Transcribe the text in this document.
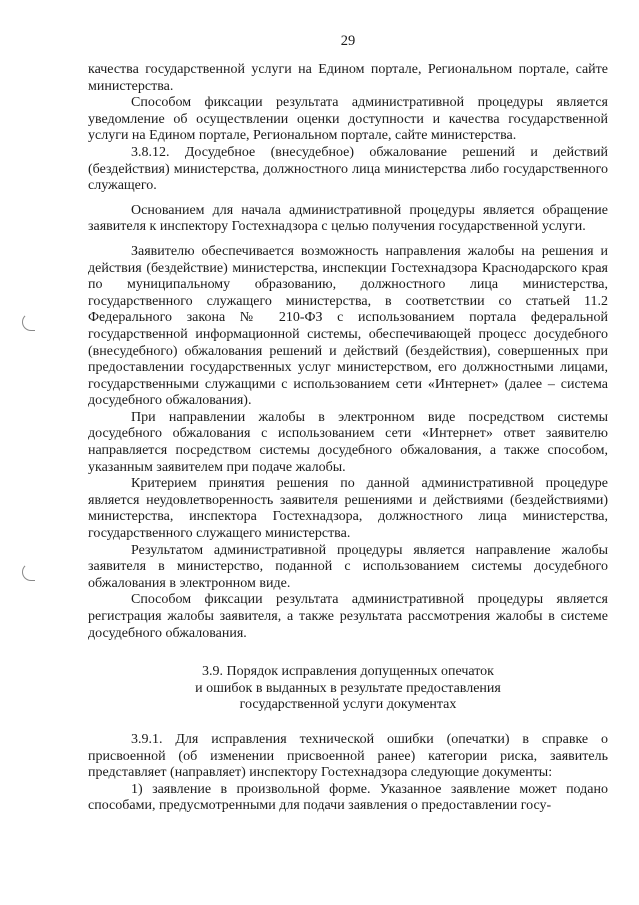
29

качества государственной услуги на Едином портале, Региональном портале, сайте министерства.

Способом фиксации результата административной процедуры является уведомление об осуществлении оценки доступности и качества государственной услуги на Едином портале, Региональном портале, сайте министерства.

3.8.12. Досудебное (внесудебное) обжалование решений и действий (бездействия) министерства, должностного лица министерства либо государственного служащего.

Основанием для начала административной процедуры является обращение заявителя к инспектору Гостехнадзора с целью получения государственной услуги.

Заявителю обеспечивается возможность направления жалобы на решения и действия (бездействие) министерства, инспекции Гостехнадзора Краснодарского края по муниципальному образованию, должностного лица министерства, государственного служащего министерства, в соответствии со статьей 11.2 Федерального закона № 210-ФЗ с использованием портала федеральной государственной информационной системы, обеспечивающей процесс досудебного (внесудебного) обжалования решений и действий (бездействия), совершенных при предоставлении государственных услуг министерством, его должностными лицами, государственными служащими с использованием сети «Интернет» (далее – система досудебного обжалования).

При направлении жалобы в электронном виде посредством системы досудебного обжалования с использованием сети «Интернет» ответ заявителю направляется посредством системы досудебного обжалования, а также способом, указанным заявителем при подаче жалобы.

Критерием принятия решения по данной административной процедуре является неудовлетворенность заявителя решениями и действиями (бездействиями) министерства, инспектора Гостехнадзора, должностного лица министерства, государственного служащего министерства.

Результатом административной процедуры является направление жалобы заявителя в министерство, поданной с использованием системы досудебного обжалования в электронном виде.

Способом фиксации результата административной процедуры является регистрация жалобы заявителя, а также результата рассмотрения жалобы в системе досудебного обжалования.

3.9. Порядок исправления допущенных опечаток
и ошибок в выданных в результате предоставления
государственной услуги документах

3.9.1. Для исправления технической ошибки (опечатки) в справке о присвоенной (об изменении присвоенной ранее) категории риска, заявитель представляет (направляет) инспектору Гостехнадзора следующие документы:

1) заявление в произвольной форме. Указанное заявление может подано способами, предусмотренными для подачи заявления о предоставлении госу-
